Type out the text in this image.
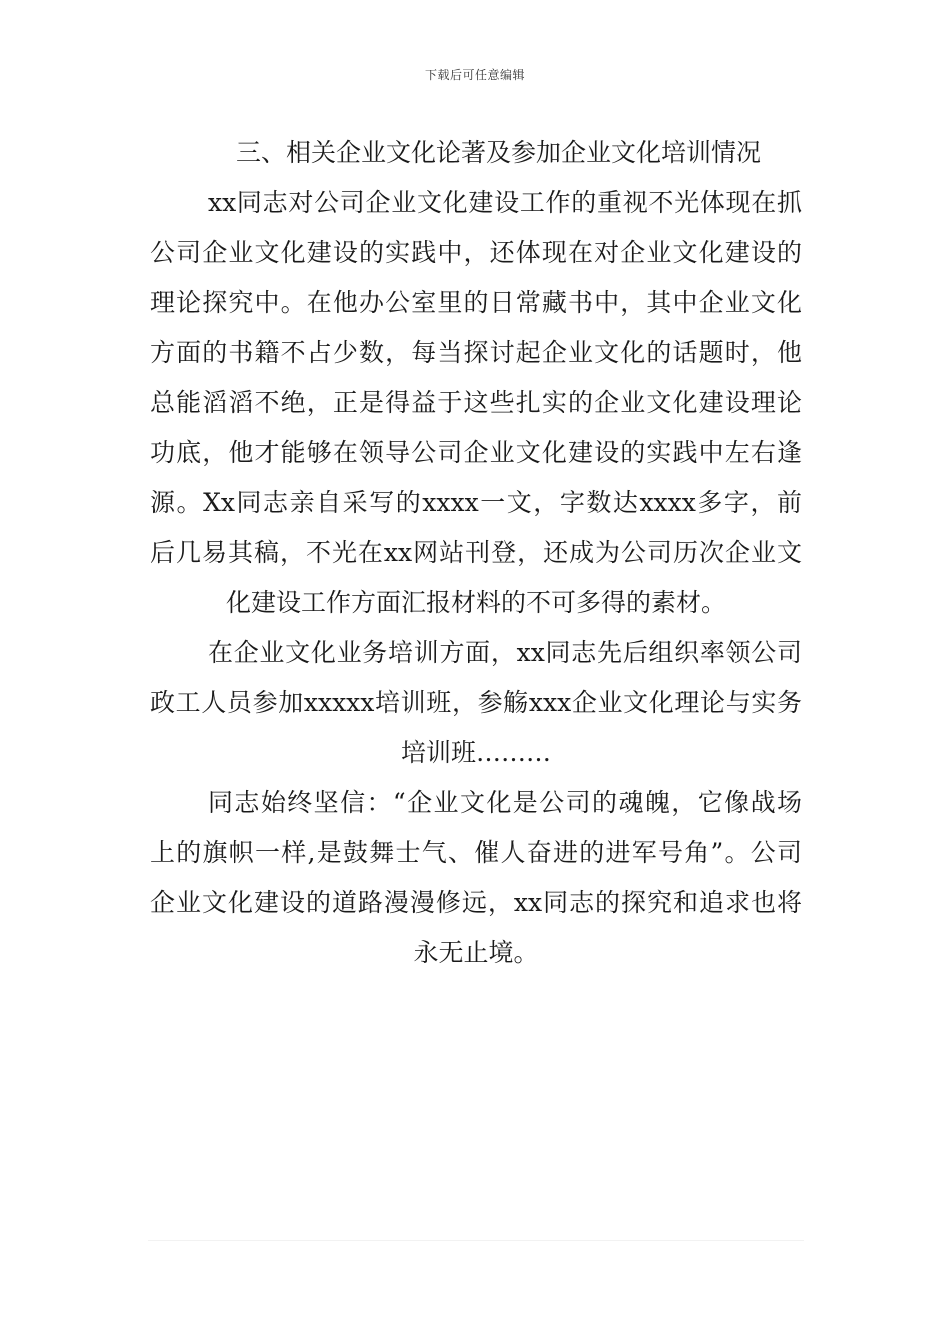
下载后可任意编辑
三、相关企业文化论著及参加企业文化培训情况
xx同志对公司企业文化建设工作的重视不光体现在抓
公司企业文化建设的实践中，还体现在对企业文化建设的
理论探究中。在他办公室里的日常藏书中，其中企业文化
方面的书籍不占少数，每当探讨起企业文化的话题时，他
总能滔滔不绝，正是得益于这些扎实的企业文化建设理论
功底，他才能够在领导公司企业文化建设的实践中左右逢
源。Xx同志亲自采写的xxxx一文，字数达xxxx多字，前
后几易其稿，不光在xx网站刊登，还成为公司历次企业文
化建设工作方面汇报材料的不可多得的素材。
在企业文化业务培训方面，xx同志先后组织率领公司
政工人员参加xxxxx培训班，参觞xxx企业文化理论与实务
培训班………
同志始终坚信：“企业文化是公司的魂魄，它像战场
上的旗帜一样,是鼓舞士气、催人奋进的进军号角”。公司
企业文化建设的道路漫漫修远，xx同志的探究和追求也将
永无止境。
